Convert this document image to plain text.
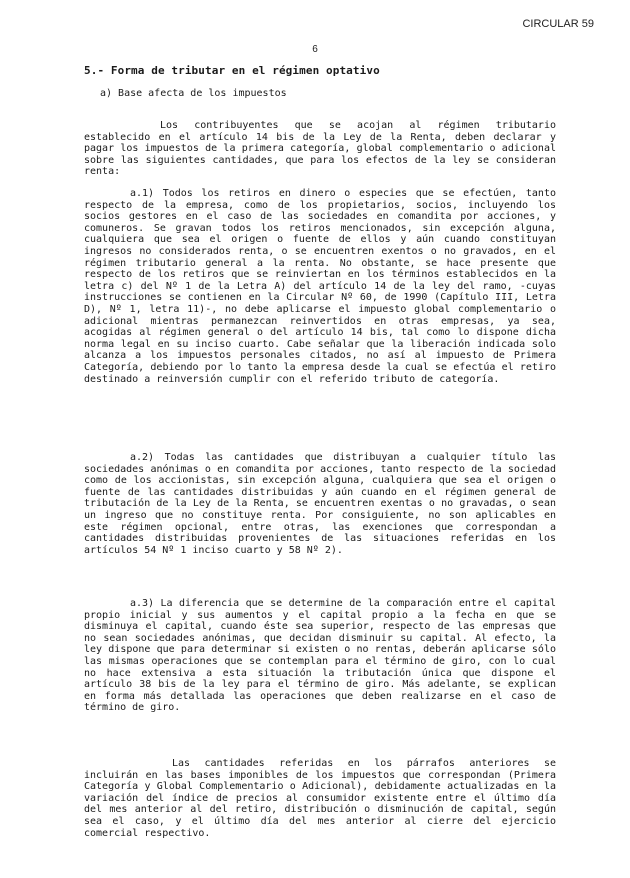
CIRCULAR 59
6
5.- Forma de tributar en el régimen optativo
a) Base afecta de los impuestos

Los contribuyentes que se acojan al régimen tributario establecido en el artículo 14 bis de la Ley de la Renta, deben declarar y pagar los impuestos de la primera categoría, global complementario o adicional sobre las siguientes cantidades, que para los efectos de la ley se consideran renta:

a.1) Todos los retiros en dinero o especies que se efectúen, tanto respecto de la empresa, como de los propietarios, socios, incluyendo los socios gestores en el caso de las sociedades en comandita por acciones, y comuneros. Se gravan todos los retiros mencionados, sin excepción alguna, cualquiera que sea el origen o fuente de ellos y aún cuando constituyan ingresos no considerados renta, o se encuentren exentos o no gravados, en el régimen tributario general a la renta. No obstante, se hace presente que respecto de los retiros que se reinviertan en los términos establecidos en la letra c) del Nº 1 de la Letra A) del artículo 14 de la ley del ramo, -cuyas instrucciones se contienen en la Circular Nº 60, de 1990 (Capítulo III, Letra D), Nº 1, letra 11)-, no debe aplicarse el impuesto global complementario o adicional mientras permanezcan reinvertidos en otras empresas, ya sea, acogidas al régimen general o del artículo 14 bis, tal como lo dispone dicha norma legal en su inciso cuarto. Cabe señalar que la liberación indicada solo alcanza a los impuestos personales citados, no así al impuesto de Primera Categoría, debiendo por lo tanto la empresa desde la cual se efectúa el retiro destinado a reinversión cumplir con el referido tributo de categoría.

a.2) Todas las cantidades que distribuyan a cualquier título las sociedades anónimas o en comandita por acciones, tanto respecto de la sociedad como de los accionistas, sin excepción alguna, cualquiera que sea el origen o fuente de las cantidades distribuidas y aún cuando en el régimen general de tributación de la Ley de la Renta, se encuentren exentas o no gravadas, o sean un ingreso que no constituye renta. Por consiguiente, no son aplicables en este régimen opcional, entre otras, las exenciones que correspondan a cantidades distribuidas provenientes de las situaciones referidas en los artículos 54 Nº 1 inciso cuarto y 58 Nº 2).

a.3) La diferencia que se determine de la comparación entre el capital propio inicial y sus aumentos y el capital propio a la fecha en que se disminuya el capital, cuando éste sea superior, respecto de las empresas que no sean sociedades anónimas, que decidan disminuir su capital. Al efecto, la ley dispone que para determinar si existen o no rentas, deberán aplicarse sólo las mismas operaciones que se contemplan para el término de giro, con lo cual no hace extensiva a esta situación la tributación única que dispone el artículo 38 bis de la ley para el término de giro. Más adelante, se explican en forma más detallada las operaciones que deben realizarse en el caso de término de giro.

Las cantidades referidas en los párrafos anteriores se incluirán en las bases imponibles de los impuestos que correspondan (Primera Categoría y Global Complementario o Adicional), debidamente actualizadas en la variación del índice de precios al consumidor existente entre el último día del mes anterior al del retiro, distribución o disminución de capital, según sea el caso, y el último día del mes anterior al cierre del ejercicio comercial respectivo.
